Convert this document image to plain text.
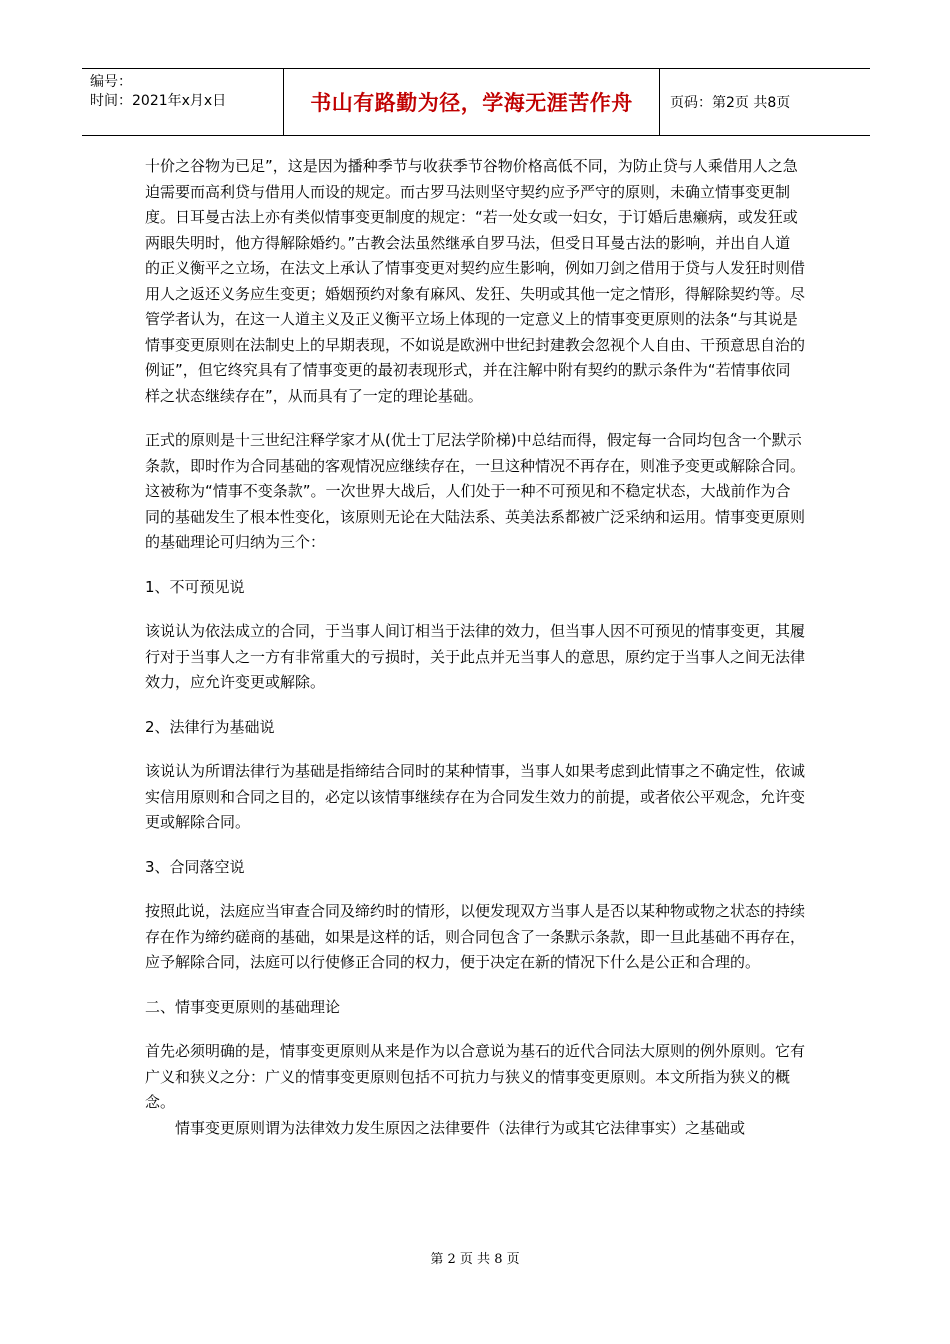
编号：
时间：2021年x月x日	书山有路勤为径，学海无涯苦作舟	页码：第2页 共8页

十价之谷物为已足”，这是因为播种季节与收获季节谷物价格高低不同，为防止贷与人乘借用人之急迫需要而高利贷与借用人而设的规定。而古罗马法则坚守契约应予严守的原则，未确立情事变更制度。日耳曼古法上亦有类似情事变更制度的规定：“若一处女或一妇女，于订婚后患癞病，或发狂或两眼失明时，他方得解除婚约。”古教会法虽然继承自罗马法，但受日耳曼古法的影响，并出自人道的正义衡平之立场，在法文上承认了情事变更对契约应生影响，例如刀剑之借用于贷与人发狂时则借用人之返还义务应生变更；婚姻预约对象有麻风、发狂、失明或其他一定之情形，得解除契约等。尽管学者认为，在这一人道主义及正义衡平立场上体现的一定意义上的情事变更原则的法条“与其说是情事变更原则在法制史上的早期表现，不如说是欧洲中世纪封建教会忽视个人自由、干预意思自治的例证”，但它终究具有了情事变更的最初表现形式，并在注解中附有契约的默示条件为“若情事依同样之状态继续存在”，从而具有了一定的理论基础。

正式的原则是十三世纪注释学家才从(优士丁尼法学阶梯)中总结而得，假定每一合同均包含一个默示条款，即时作为合同基础的客观情况应继续存在，一旦这种情况不再存在，则准予变更或解除合同。这被称为“情事不变条款”。一次世界大战后，人们处于一种不可预见和不稳定状态，大战前作为合同的基础发生了根本性变化，该原则无论在大陆法系、英美法系都被广泛采纳和运用。情事变更原则的基础理论可归纳为三个：

1、不可预见说

该说认为依法成立的合同，于当事人间订相当于法律的效力，但当事人因不可预见的情事变更，其履行对于当事人之一方有非常重大的亏损时，关于此点并无当事人的意思，原约定于当事人之间无法律效力，应允许变更或解除。

2、法律行为基础说

该说认为所谓法律行为基础是指缔结合同时的某种情事，当事人如果考虑到此情事之不确定性，依诚实信用原则和合同之目的，必定以该情事继续存在为合同发生效力的前提，或者依公平观念，允许变更或解除合同。

3、合同落空说

按照此说，法庭应当审查合同及缔约时的情形，以便发现双方当事人是否以某种物或物之状态的持续存在作为缔约磋商的基础，如果是这样的话，则合同包含了一条默示条款，即一旦此基础不再存在，应予解除合同，法庭可以行使修正合同的权力，便于决定在新的情况下什么是公正和合理的。

二、情事变更原则的基础理论

首先必须明确的是，情事变更原则从来是作为以合意说为基石的近代合同法大原则的例外原则。它有广义和狭义之分：广义的情事变更原则包括不可抗力与狭义的情事变更原则。本文所指为狭义的概念。

情事变更原则谓为法律效力发生原因之法律要件（法律行为或其它法律事实）之基础或

第 2 页 共 8 页
